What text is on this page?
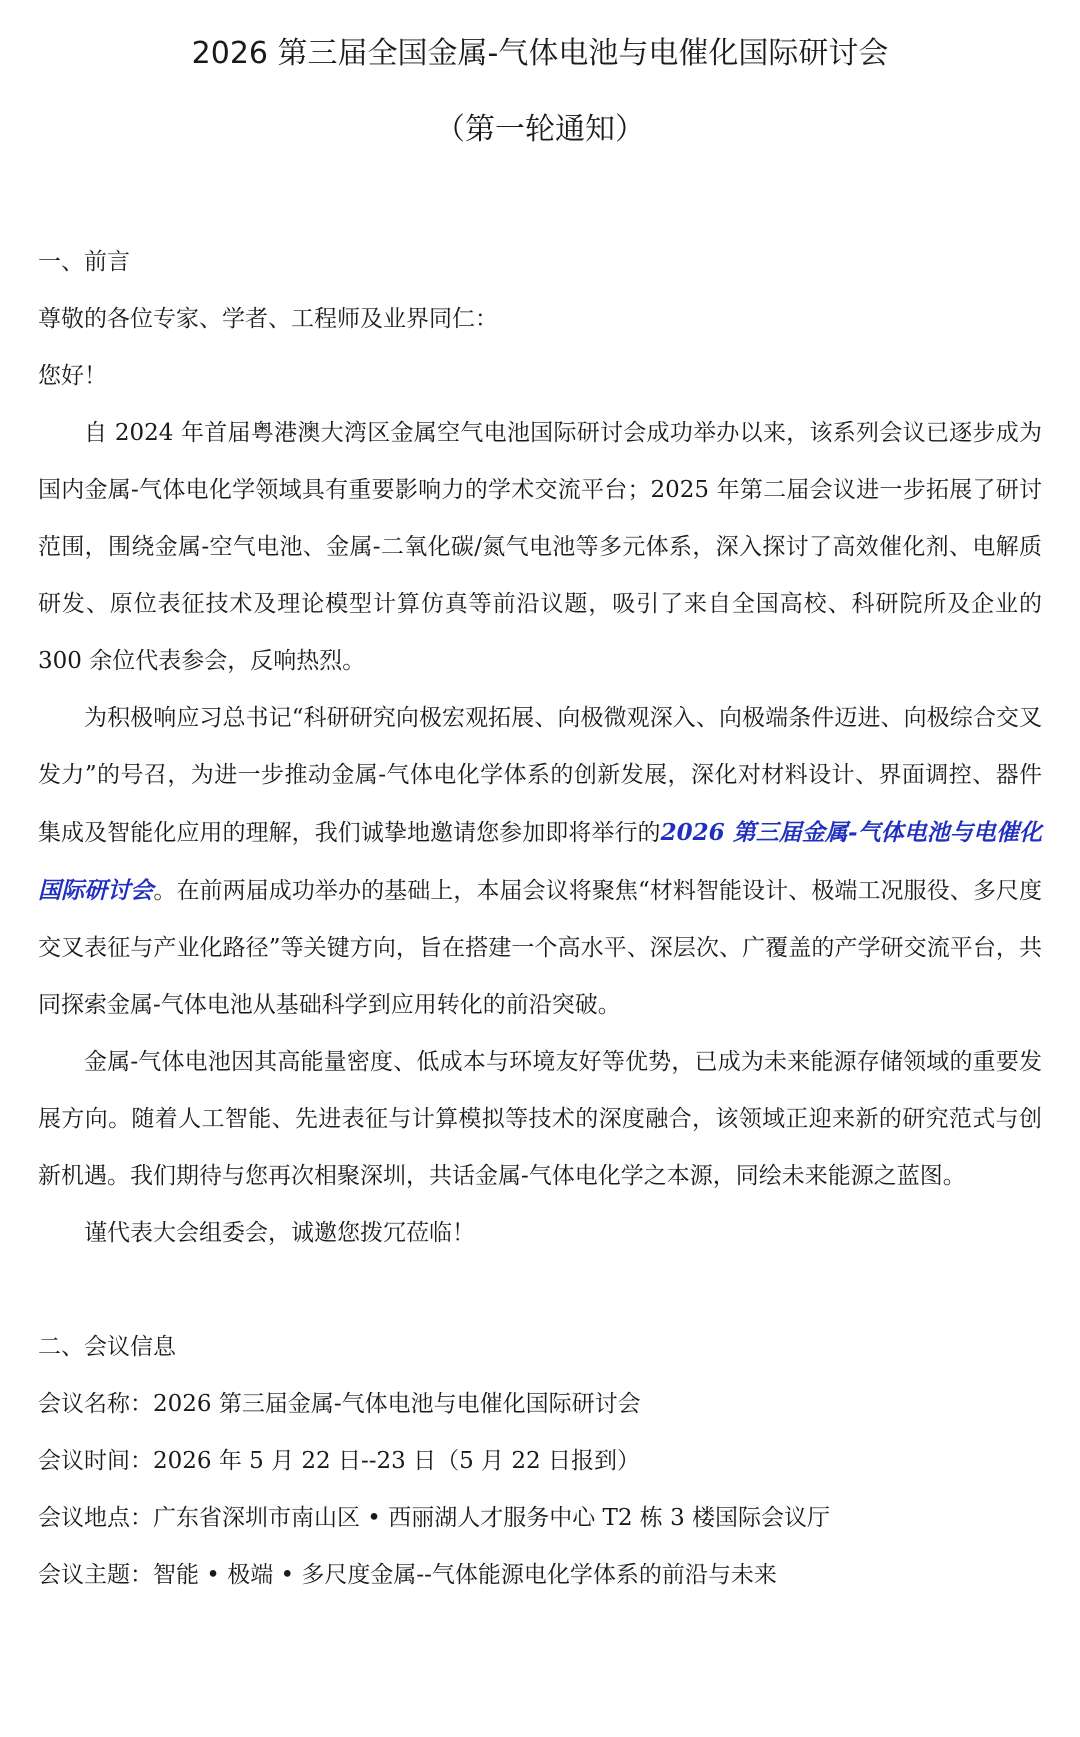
2026 第三届全国金属-气体电池与电催化国际研讨会
（第一轮通知）

一、前言

尊敬的各位专家、学者、工程师及业界同仁：

您好！

自 2024 年首届粤港澳大湾区金属空气电池国际研讨会成功举办以来，该系列会议已逐步成为国内金属-气体电化学领域具有重要影响力的学术交流平台；2025 年第二届会议进一步拓展了研讨范围，围绕金属-空气电池、金属-二氧化碳/氮气电池等多元体系，深入探讨了高效催化剂、电解质研发、原位表征技术及理论模型计算仿真等前沿议题，吸引了来自全国高校、科研院所及企业的 300 余位代表参会，反响热烈。

为积极响应习总书记“科研研究向极宏观拓展、向极微观深入、向极端条件迈进、向极综合交叉发力”的号召，为进一步推动金属-气体电化学体系的创新发展，深化对材料设计、界面调控、器件集成及智能化应用的理解，我们诚挚地邀请您参加即将举行的2026 第三届金属-气体电池与电催化国际研讨会。在前两届成功举办的基础上，本届会议将聚焦“材料智能设计、极端工况服役、多尺度交叉表征与产业化路径”等关键方向，旨在搭建一个高水平、深层次、广覆盖的产学研交流平台，共同探索金属-气体电池从基础科学到应用转化的前沿突破。

金属-气体电池因其高能量密度、低成本与环境友好等优势，已成为未来能源存储领域的重要发展方向。随着人工智能、先进表征与计算模拟等技术的深度融合，该领域正迎来新的研究范式与创新机遇。我们期待与您再次相聚深圳，共话金属-气体电化学之本源，同绘未来能源之蓝图。

谨代表大会组委会，诚邀您拨冗莅临！

二、会议信息

会议名称：2026 第三届金属-气体电池与电催化国际研讨会

会议时间：2026 年 5 月 22 日--23 日（5 月 22 日报到）

会议地点：广东省深圳市南山区 • 西丽湖人才服务中心 T2 栋 3 楼国际会议厅

会议主题：智能 • 极端 • 多尺度金属--气体能源电化学体系的前沿与未来
